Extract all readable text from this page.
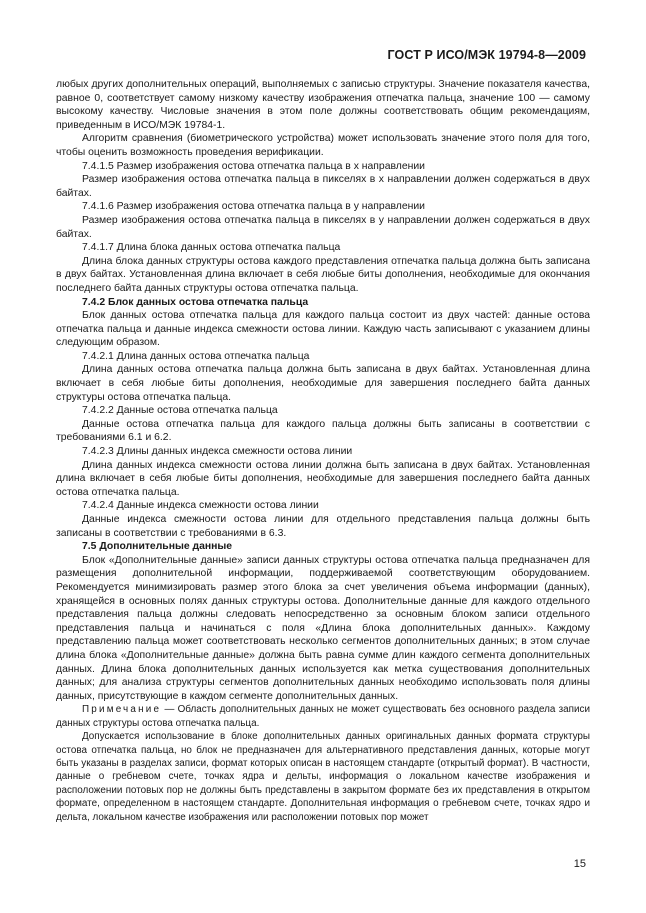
ГОСТ Р ИСО/МЭК 19794-8—2009

любых других дополнительных операций, выполняемых с записью структуры. Значение показателя качества, равное 0, соответствует самому низкому качеству изображения отпечатка пальца, значение 100 — самому высокому качеству. Числовые значения в этом поле должны соответствовать общим рекомендациям, приведенным в ИСО/МЭК 19784-1.

Алгоритм сравнения (биометрического устройства) может использовать значение этого поля для того, чтобы оценить возможность проведения верификации.

7.4.1.5 Размер изображения остова отпечатка пальца в x направлении

Размер изображения остова отпечатка пальца в пикселях в x направлении должен содержаться в двух байтах.

7.4.1.6 Размер изображения остова отпечатка пальца в y направлении

Размер изображения остова отпечатка пальца в пикселях в y направлении должен содержаться в двух байтах.

7.4.1.7 Длина блока данных остова отпечатка пальца

Длина блока данных структуры остова каждого представления отпечатка пальца должна быть записана в двух байтах. Установленная длина включает в себя любые биты дополнения, необходимые для окончания последнего байта данных структуры остова отпечатка пальца.

7.4.2 Блок данных остова отпечатка пальца

Блок данных остова отпечатка пальца для каждого пальца состоит из двух частей: данные остова отпечатка пальца и данные индекса смежности остова линии. Каждую часть записывают с указанием длины следующим образом.

7.4.2.1 Длина данных остова отпечатка пальца

Длина данных остова отпечатка пальца должна быть записана в двух байтах. Установленная длина включает в себя любые биты дополнения, необходимые для завершения последнего байта данных структуры остова отпечатка пальца.

7.4.2.2 Данные остова отпечатка пальца

Данные остова отпечатка пальца для каждого пальца должны быть записаны в соответствии с требованиями 6.1 и 6.2.

7.4.2.3 Длины данных индекса смежности остова линии

Длина данных индекса смежности остова линии должна быть записана в двух байтах. Установленная длина включает в себя любые биты дополнения, необходимые для завершения последнего байта данных остова отпечатка пальца.

7.4.2.4 Данные индекса смежности остова линии

Данные индекса смежности остова линии для отдельного представления пальца должны быть записаны в соответствии с требованиями в 6.3.

7.5 Дополнительные данные

Блок «Дополнительные данные» записи данных структуры остова отпечатка пальца предназначен для размещения дополнительной информации, поддерживаемой соответствующим оборудованием. Рекомендуется минимизировать размер этого блока за счет увеличения объема информации (данных), хранящейся в основных полях данных структуры остова. Дополнительные данные для каждого отдельного представления пальца должны следовать непосредственно за основным блоком записи отдельного представления пальца и начинаться с поля «Длина блока дополнительных данных». Каждому представлению пальца может соответствовать несколько сегментов дополнительных данных; в этом случае длина блока «Дополнительные данные» должна быть равна сумме длин каждого сегмента дополнительных данных. Длина блока дополнительных данных используется как метка существования дополнительных данных; для анализа структуры сегментов дополнительных данных необходимо использовать поля длины данных, присутствующие в каждом сегменте дополнительных данных.

Примечание — Область дополнительных данных не может существовать без основного раздела записи данных структуры остова отпечатка пальца.

Допускается использование в блоке дополнительных данных оригинальных данных формата структуры остова отпечатка пальца, но блок не предназначен для альтернативного представления данных, которые могут быть указаны в разделах записи, формат которых описан в настоящем стандарте (открытый формат). В частности, данные о гребневом счете, точках ядра и дельты, информация о локальном качестве изображения и расположении потовых пор не должны быть представлены в закрытом формате без их представления в открытом формате, определенном в настоящем стандарте. Дополнительная информация о гребневом счете, точках ядро и дельта, локальном качестве изображения или расположении потовых пор может

15
